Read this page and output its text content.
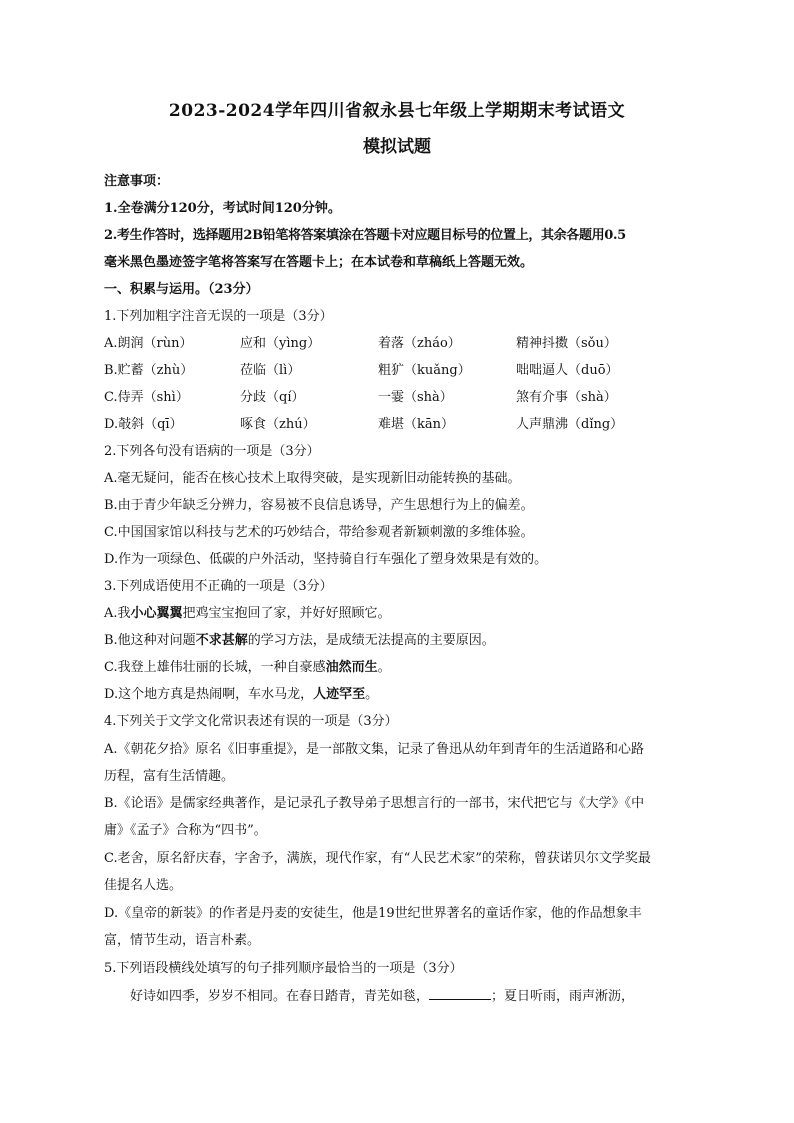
2023-2024学年四川省叙永县七年级上学期期末考试语文
模拟试题
注意事项：
1.全卷满分120分，考试时间120分钟。
2.考生作答时，选择题用2B铅笔将答案填涂在答题卡对应题目标号的位置上，其余各题用0.5
毫米黑色墨迹签字笔将答案写在答题卡上；在本试卷和草稿纸上答题无效。
一、积累与运用。（23分）
1.下列加粗字注音无误的一项是（3分）
A.朗润（rùn）	应和（yìng）	着落（zháo）	精神抖擞（sǒu）
B.贮蓄（zhù）	莅临（lì）	粗犷（kuǎng）	咄咄逼人（duō）
C.侍弄（shì）	分歧（qí）	一霎（shà）	煞有介事（shà）
D.攲斜（qī）	啄食（zhú）	难堪（kān）	人声鼎沸（dǐng）
2.下列各句没有语病的一项是（3分）
A.毫无疑问，能否在核心技术上取得突破，是实现新旧动能转换的基础。
B.由于青少年缺乏分辨力，容易被不良信息诱导，产生思想行为上的偏差。
C.中国国家馆以科技与艺术的巧妙结合，带给参观者新颖刺激的多维体验。
D.作为一项绿色、低碳的户外活动，坚持骑自行车强化了塑身效果是有效的。
3.下列成语使用不正确的一项是（3分）
A.我小心翼翼把鸡宝宝抱回了家，并好好照顾它。
B.他这种对问题不求甚解的学习方法，是成绩无法提高的主要原因。
C.我登上雄伟壮丽的长城，一种自豪感油然而生。
D.这个地方真是热闹啊，车水马龙，人迹罕至。
4.下列关于文学文化常识表述有误的一项是（3分）
A.《朝花夕拾》原名《旧事重提》，是一部散文集，记录了鲁迅从幼年到青年的生活道路和心路
历程，富有生活情趣。
B.《论语》是儒家经典著作，是记录孔子教导弟子思想言行的一部书，宋代把它与《大学》《中
庸》《孟子》合称为“四书”。
C.老舍，原名舒庆春，字舍予，满族，现代作家，有“人民艺术家”的荣称，曾获诺贝尔文学奖最
佳提名人选。
D.《皇帝的新装》的作者是丹麦的安徒生，他是19世纪世界著名的童话作家，他的作品想象丰
富，情节生动，语言朴素。
5.下列语段横线处填写的句子排列顺序最恰当的一项是（3分）
好诗如四季，岁岁不相同。在春日踏青，青芜如毯，	；夏日听雨，雨声淅沥，
